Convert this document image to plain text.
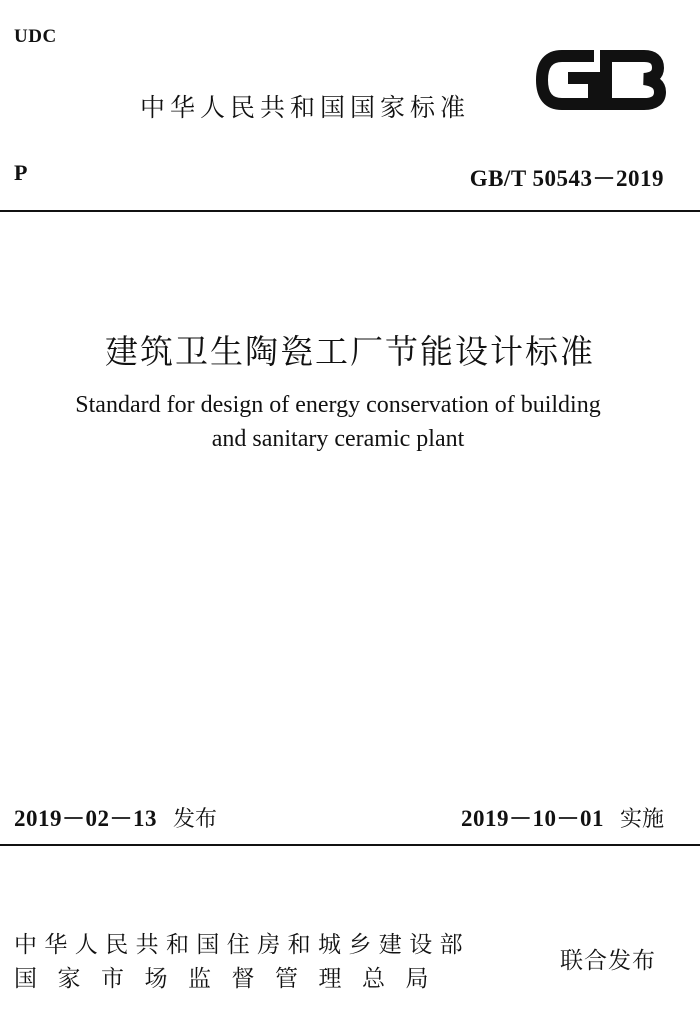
UDC
中华人民共和国国家标准
P	GB/T 50543－2019
建筑卫生陶瓷工厂节能设计标准
Standard for design of energy conservation of building
and sanitary ceramic plant
2019－02－13 发布	2019－10－01 实施
中华人民共和国住房和城乡建设部
国家市场监督管理总局
联合发布
